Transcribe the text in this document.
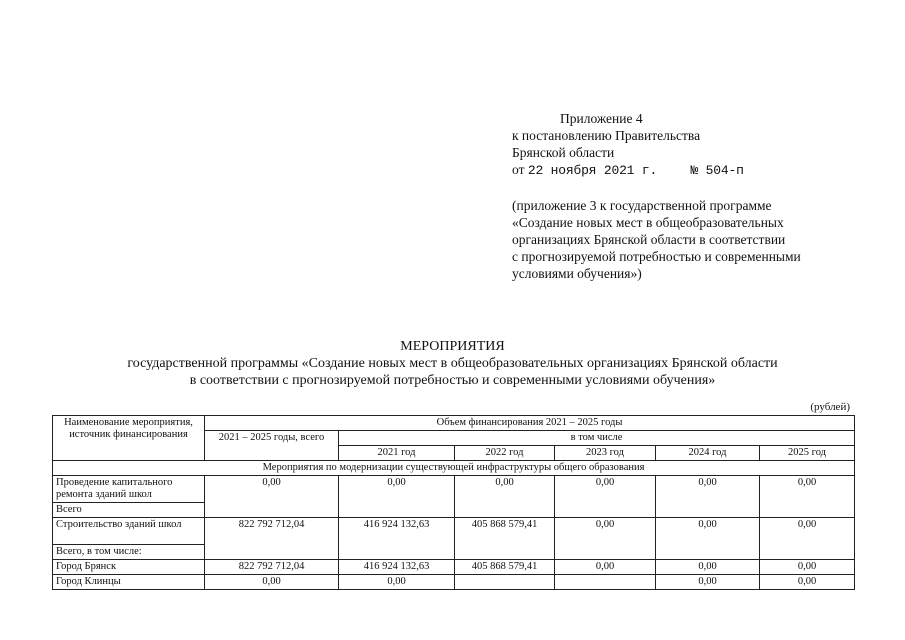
Приложение 4
к постановлению Правительства
Брянской области
от 22 ноября 2021 г.	№ 504-п
(приложение 3 к государственной программе
«Создание новых мест в общеобразовательных
организациях Брянской области в соответствии
с прогнозируемой потребностью и современными
условиями обучения»)
МЕРОПРИЯТИЯ
государственной программы «Создание новых мест в общеобразовательных организациях Брянской области
в соответствии с прогнозируемой потребностью и современными условиями обучения»
(рублей)
Наименование мероприятия, источник финансирования	Объем финансирования 2021 – 2025 годы					
	2021 – 2025 годы, всего	в том числе				
		2021 год	2022 год	2023 год	2024 год	2025 год
Мероприятия по модернизации существующей инфраструктуры общего образования						
Проведение капитального ремонта зданий школ	0,00	0,00	0,00	0,00	0,00	0,00
Всего						
Строительство зданий школ	822 792 712,04	416 924 132,63	405 868 579,41	0,00	0,00	0,00
Всего, в том числе:						
Город Брянск	822 792 712,04	416 924 132,63	405 868 579,41	0,00	0,00	0,00
Город Клинцы	0,00	0,00			0,00	0,00
